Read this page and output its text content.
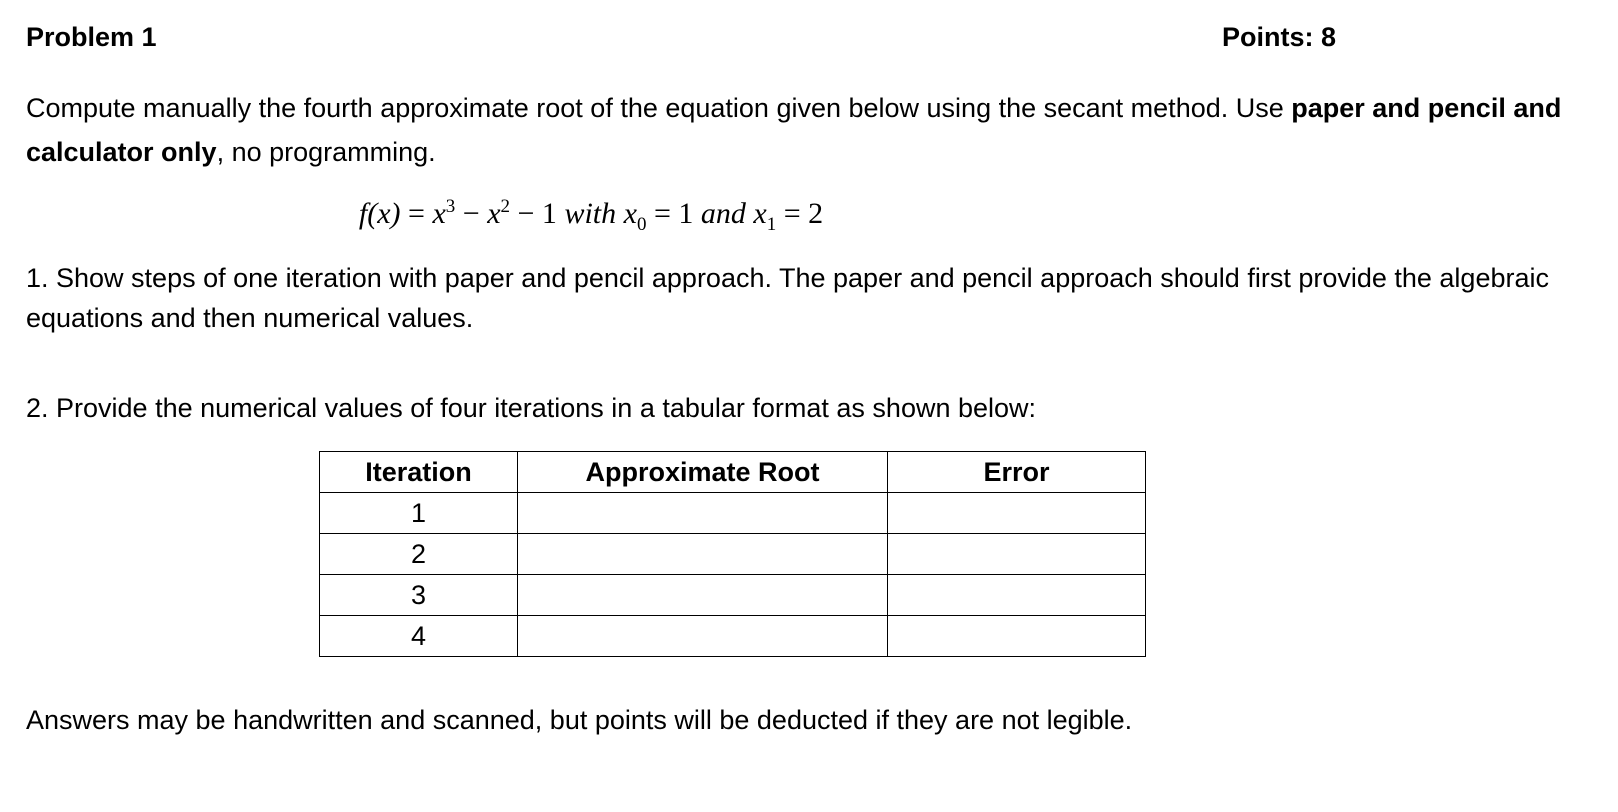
Problem 1	Points: 8
Compute manually the fourth approximate root of the equation given below using the secant method. Use paper and pencil and calculator only, no programming.
$f(x) = x^3 - x^2 - 1$ with $x_0 = 1$ and $x_1 = 2$
1. Show steps of one iteration with paper and pencil approach. The paper and pencil approach should first provide the algebraic equations and then numerical values.
2. Provide the numerical values of four iterations in a tabular format as shown below:
Iteration	Approximate Root	Error
1		
2		
3		
4		
Answers may be handwritten and scanned, but points will be deducted if they are not legible.
